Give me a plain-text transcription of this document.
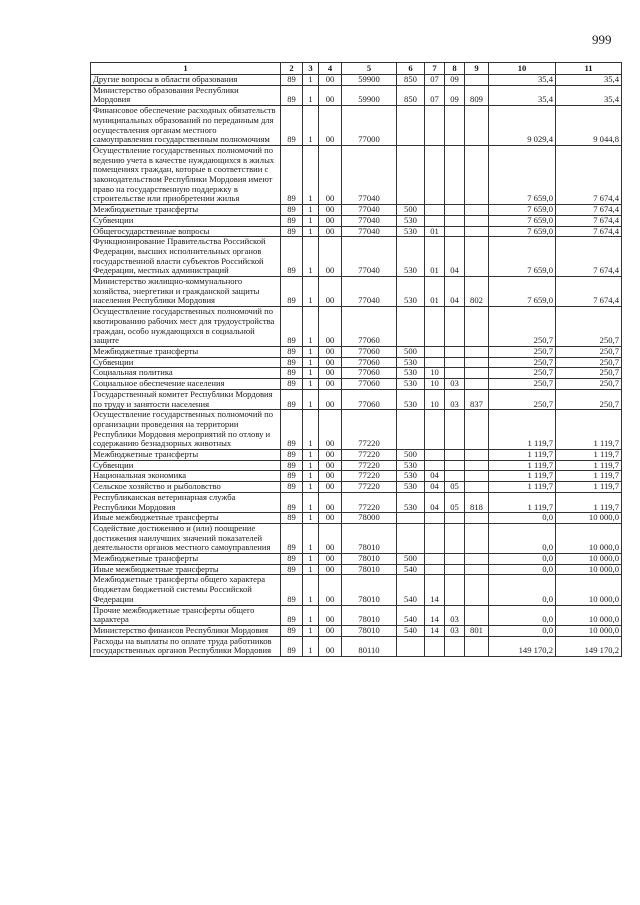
999
1	2	3	4	5	6	7	8	9	10	11
Другие вопросы в области образования	89	1	00	59900	850	07	09		35,4	35,4
Министерство образования Республики Мордовия	89	1	00	59900	850	07	09	809	35,4	35,4
Финансовое обеспечение расходных обязательств муниципальных образований по переданным для осуществления органам местного самоуправления государственным полномочиям	89	1	00	77000					9 029,4	9 044,8
Осуществление государственных полномочий по ведению учета в качестве нуждающихся в жилых помещениях граждан, которые в соответствии с законодательством Республики Мордовия имеют право на государственную поддержку в строительстве или приобретении жилья	89	1	00	77040					7 659,0	7 674,4
Межбюджетные трансферты	89	1	00	77040	500				7 659,0	7 674,4
Субвенции	89	1	00	77040	530				7 659,0	7 674,4
Общегосударственные вопросы	89	1	00	77040	530	01			7 659,0	7 674,4
Функционирование Правительства Российской Федерации, высших исполнительных органов государственной власти субъектов Российской Федерации, местных администраций	89	1	00	77040	530	01	04		7 659,0	7 674,4
Министерство жилищно-коммунального хозяйства, энергетики и гражданской защиты населения Республики Мордовия	89	1	00	77040	530	01	04	802	7 659,0	7 674,4
Осуществление государственных полномочий по квотированию рабочих мест для трудоустройства граждан, особо нуждающихся в социальной защите	89	1	00	77060					250,7	250,7
Межбюджетные трансферты	89	1	00	77060	500				250,7	250,7
Субвенции	89	1	00	77060	530				250,7	250,7
Социальная политика	89	1	00	77060	530	10			250,7	250,7
Социальное обеспечение населения	89	1	00	77060	530	10	03		250,7	250,7
Государственный комитет Республики Мордовия по труду и занятости населения	89	1	00	77060	530	10	03	837	250,7	250,7
Осуществление государственных полномочий по организации проведения на территории Республики Мордовия мероприятий по отлову и содержанию безнадзорных животных	89	1	00	77220					1 119,7	1 119,7
Межбюджетные трансферты	89	1	00	77220	500				1 119,7	1 119,7
Субвенции	89	1	00	77220	530				1 119,7	1 119,7
Национальная экономика	89	1	00	77220	530	04			1 119,7	1 119,7
Сельское хозяйство и рыболовство	89	1	00	77220	530	04	05		1 119,7	1 119,7
Республиканская ветеринарная служба Республики Мордовия	89	1	00	77220	530	04	05	818	1 119,7	1 119,7
Иные межбюджетные трансферты	89	1	00	78000					0,0	10 000,0
Содействие достижению и (или) поощрение достижения наилучших значений показателей деятельности органов местного самоуправления	89	1	00	78010					0,0	10 000,0
Межбюджетные трансферты	89	1	00	78010	500				0,0	10 000,0
Иные межбюджетные трансферты	89	1	00	78010	540				0,0	10 000,0
Межбюджетные трансферты общего характера бюджетам бюджетной системы Российской Федерации	89	1	00	78010	540	14			0,0	10 000,0
Прочие межбюджетные трансферты общего характера	89	1	00	78010	540	14	03		0,0	10 000,0
Министерство финансов Республики Мордовия	89	1	00	78010	540	14	03	801	0,0	10 000,0
Расходы на выплаты по оплате труда работников государственных органов Республики Мордовия	89	1	00	80110					149 170,2	149 170,2
